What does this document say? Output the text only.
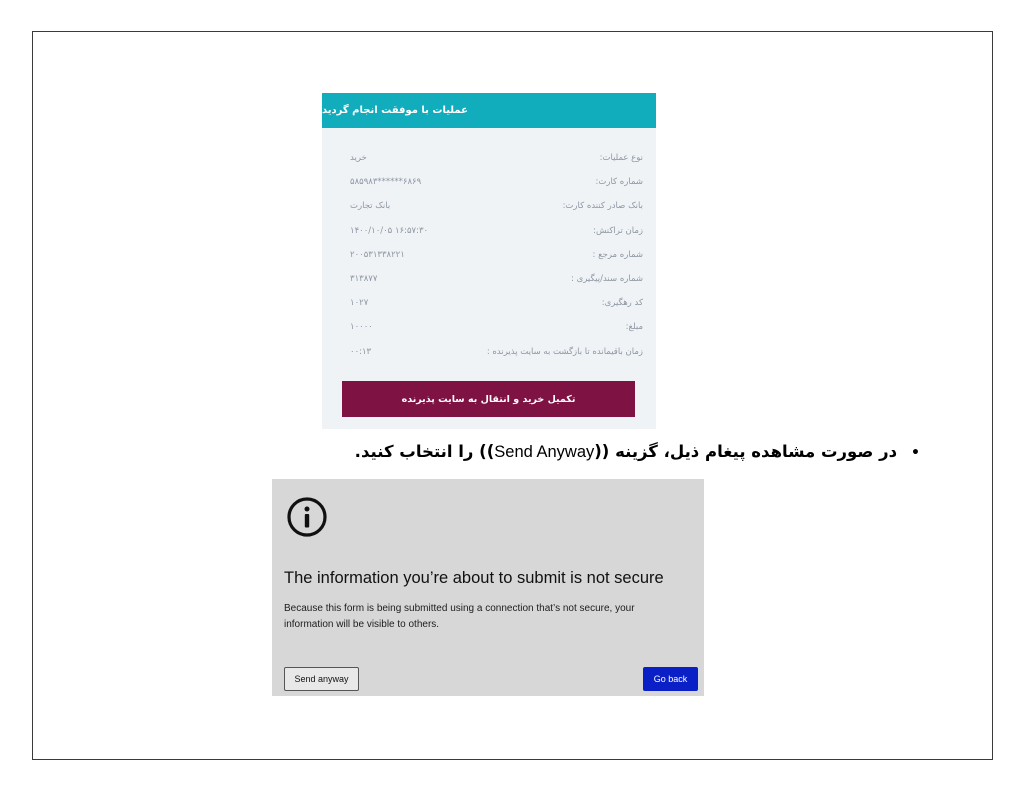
عملیات با موفقت انجام گردید
نوع عملیات:
خرید
شماره کارت:
۵۸۵۹۸۳******۶۸۶۹
بانک صادر کننده کارت:
بانک تجارت
زمان تراکنش:
۱۴۰۰/۱۰/۰۵ ۱۶:۵۷:۳۰
شماره مرجع :
۲۰۰۵۳۱۳۳۸۲۲۱
شماره سند/پیگیری :
۳۱۳۸۷۷
کد رهگیری:
۱۰۲۷
مبلغ:
۱۰۰۰۰
زمان باقیمانده تا بازگشت به سایت پذیرنده :
۰۰:۱۳
تکمیل خرید و انتقال به سایت پذیرنده
•در صورت مشاهده پیغام ذیل، گزینه ((Send Anyway)) را انتخاب کنید.
The information you’re about to submit is not secure
Because this form is being submitted using a connection that’s not secure, your information will be visible to others.
Send anyway	Go back
